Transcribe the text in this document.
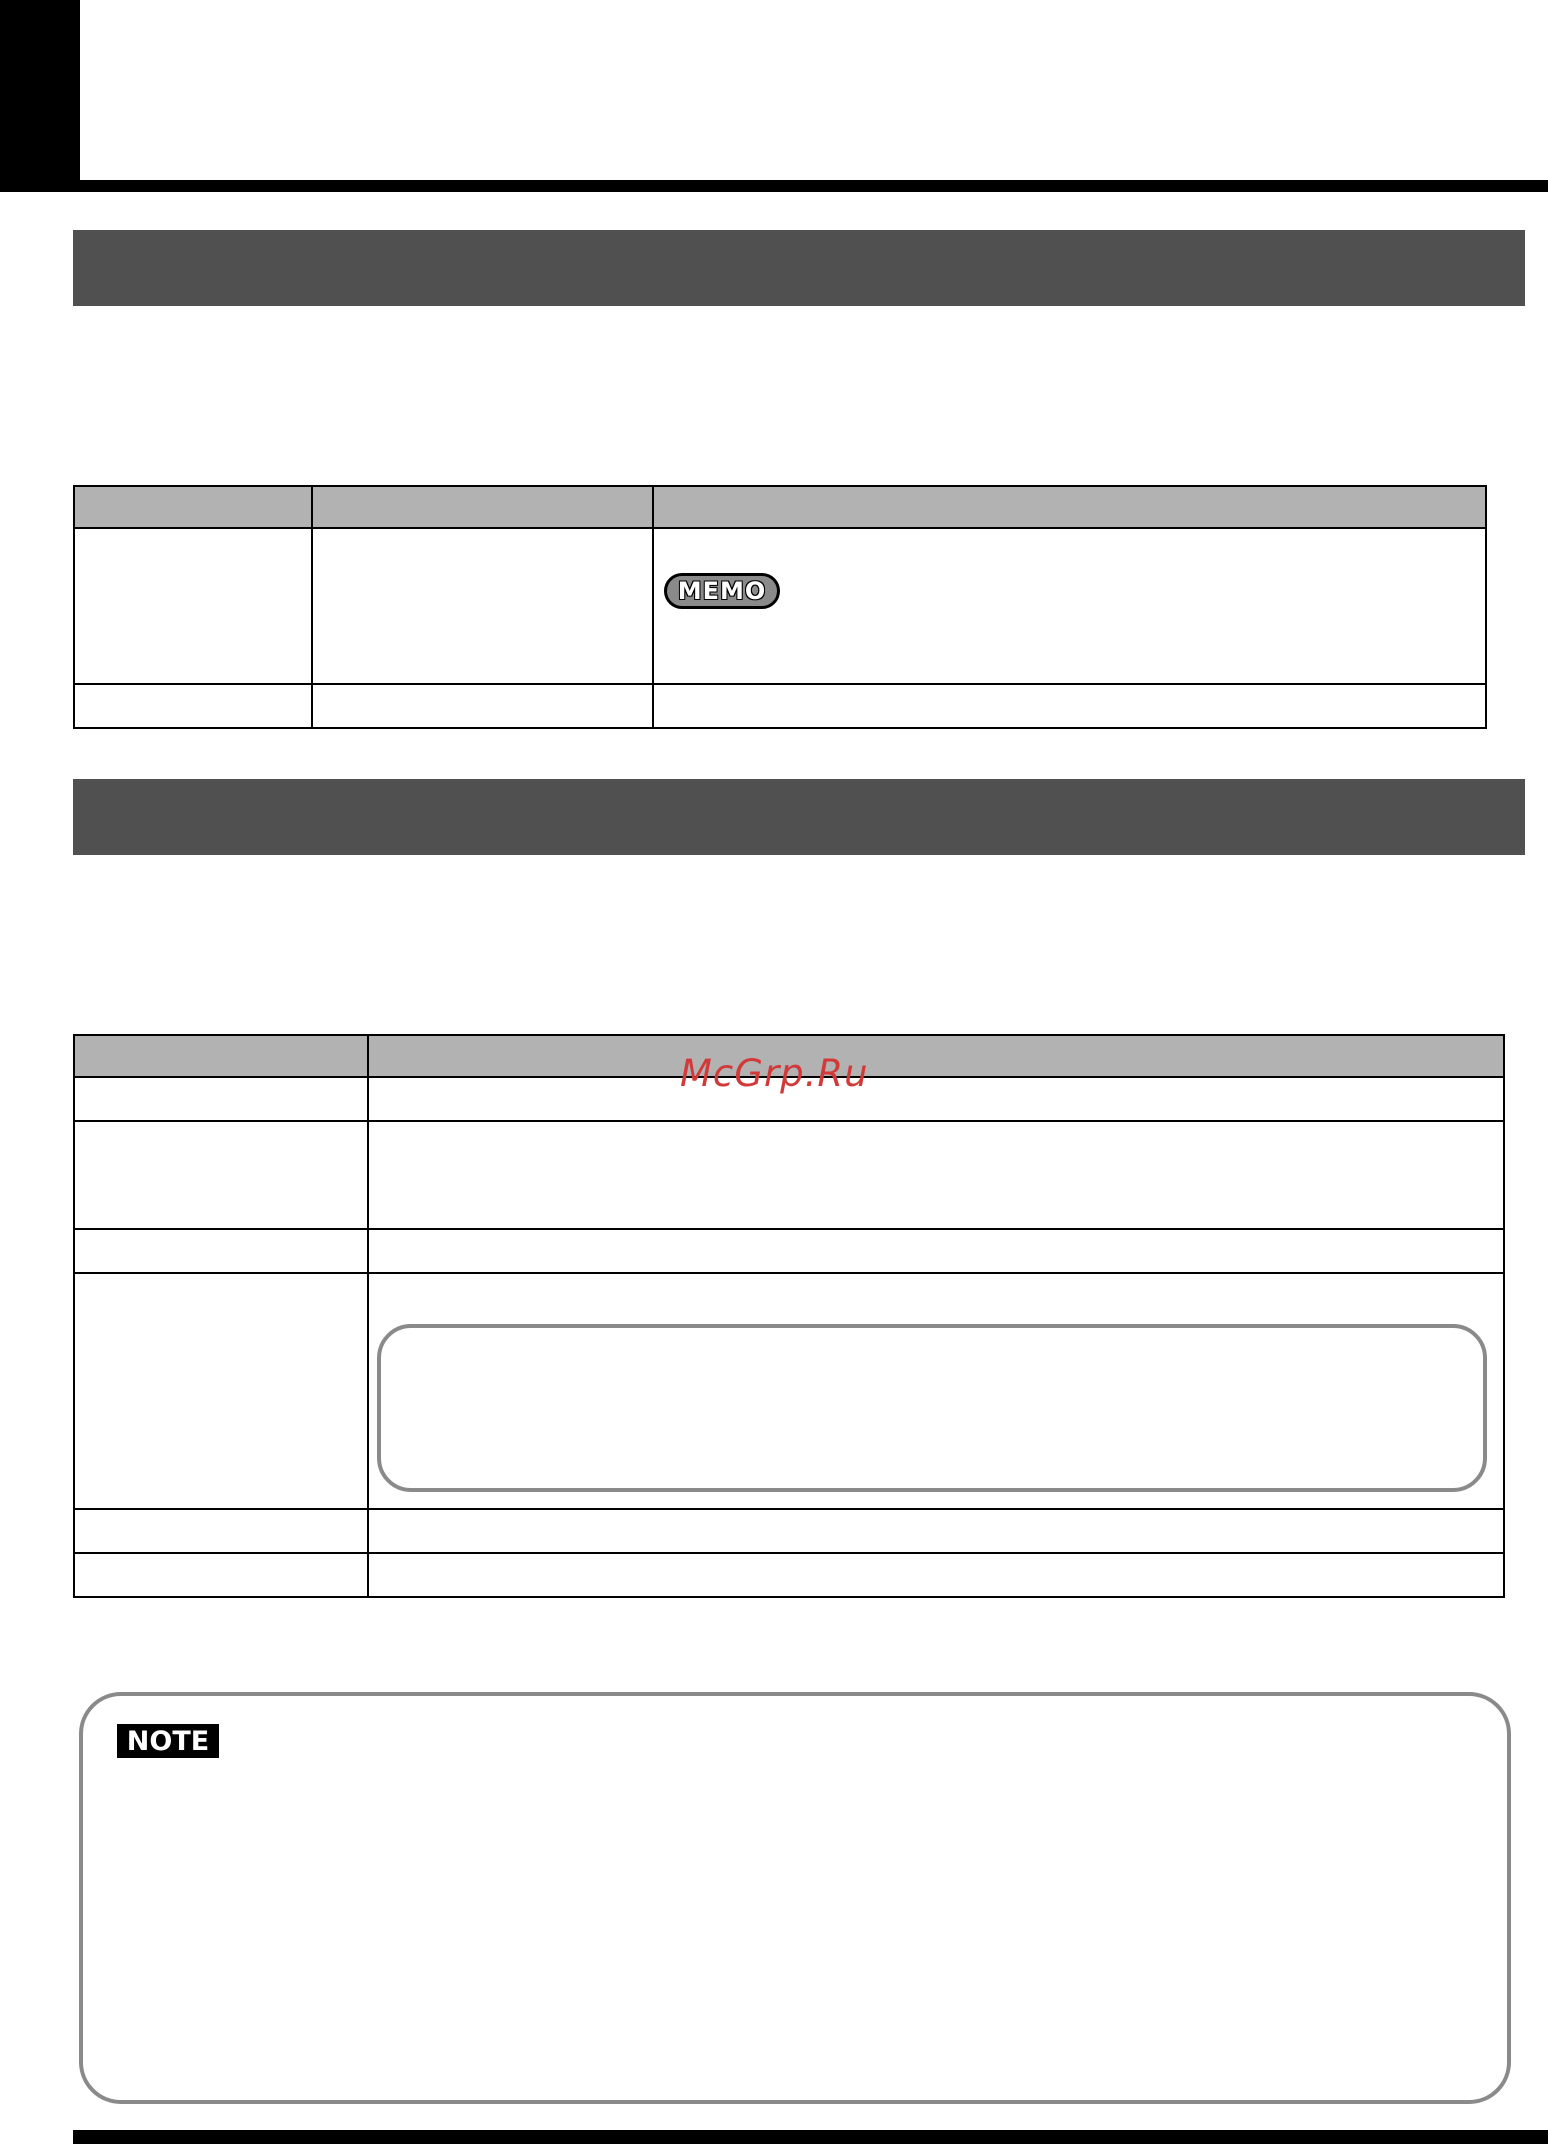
MEMO

McGrp.Ru
NOTE
